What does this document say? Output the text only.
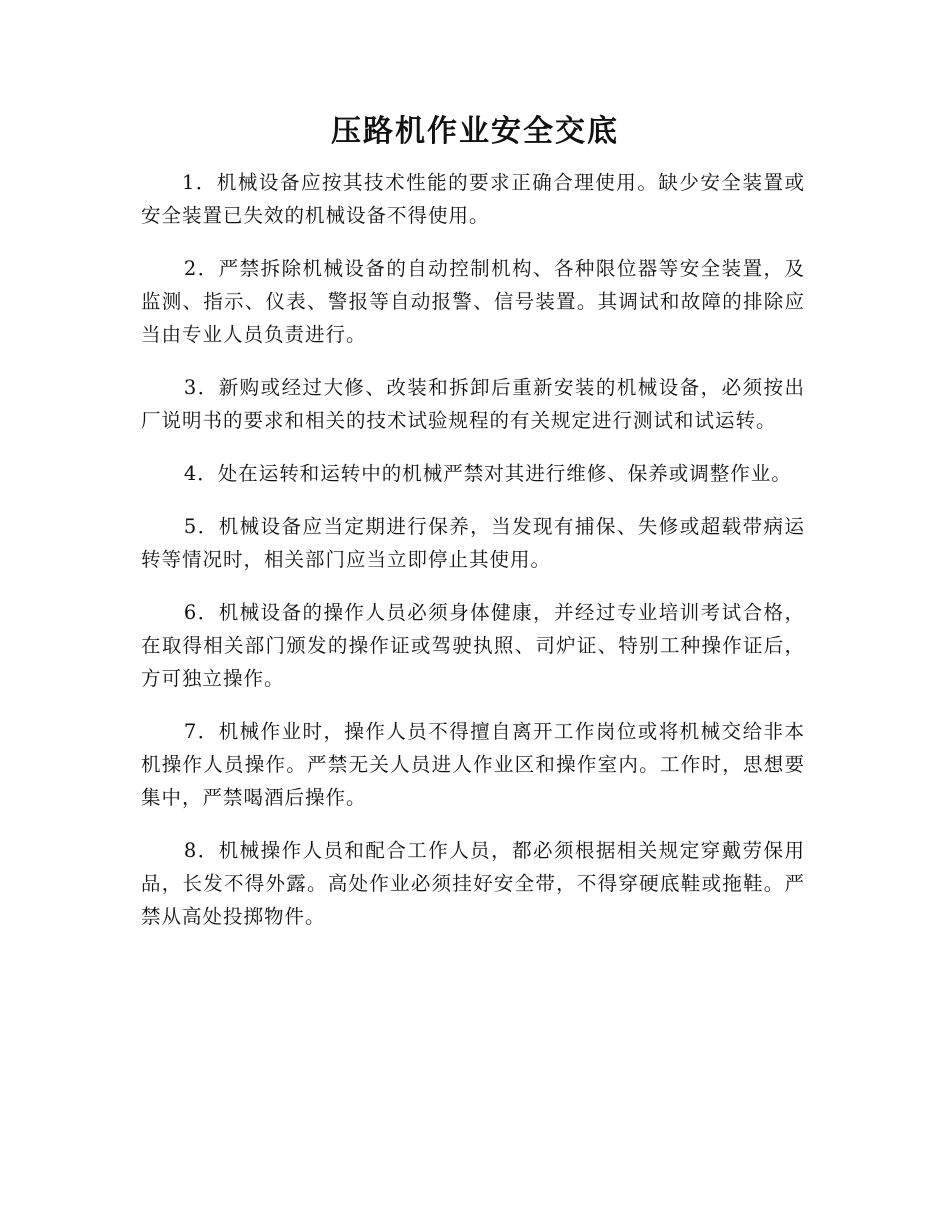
压路机作业安全交底

1．机械设备应按其技术性能的要求正确合理使用。缺少安全装置或安全装置已失效的机械设备不得使用。

2．严禁拆除机械设备的自动控制机构、各种限位器等安全装置，及监测、指示、仪表、警报等自动报警、信号装置。其调试和故障的排除应当由专业人员负责进行。

3．新购或经过大修、改装和拆卸后重新安装的机械设备，必须按出厂说明书的要求和相关的技术试验规程的有关规定进行测试和试运转。

4．处在运转和运转中的机械严禁对其进行维修、保养或调整作业。

5．机械设备应当定期进行保养，当发现有捕保、失修或超载带病运转等情况时，相关部门应当立即停止其使用。

6．机械设备的操作人员必须身体健康，并经过专业培训考试合格，在取得相关部门颁发的操作证或驾驶执照、司炉证、特别工种操作证后，方可独立操作。

7．机械作业时，操作人员不得擅自离开工作岗位或将机械交给非本机操作人员操作。严禁无关人员进人作业区和操作室内。工作时，思想要集中，严禁喝酒后操作。

8．机械操作人员和配合工作人员，都必须根据相关规定穿戴劳保用品，长发不得外露。高处作业必须挂好安全带，不得穿硬底鞋或拖鞋。严禁从高处投掷物件。
